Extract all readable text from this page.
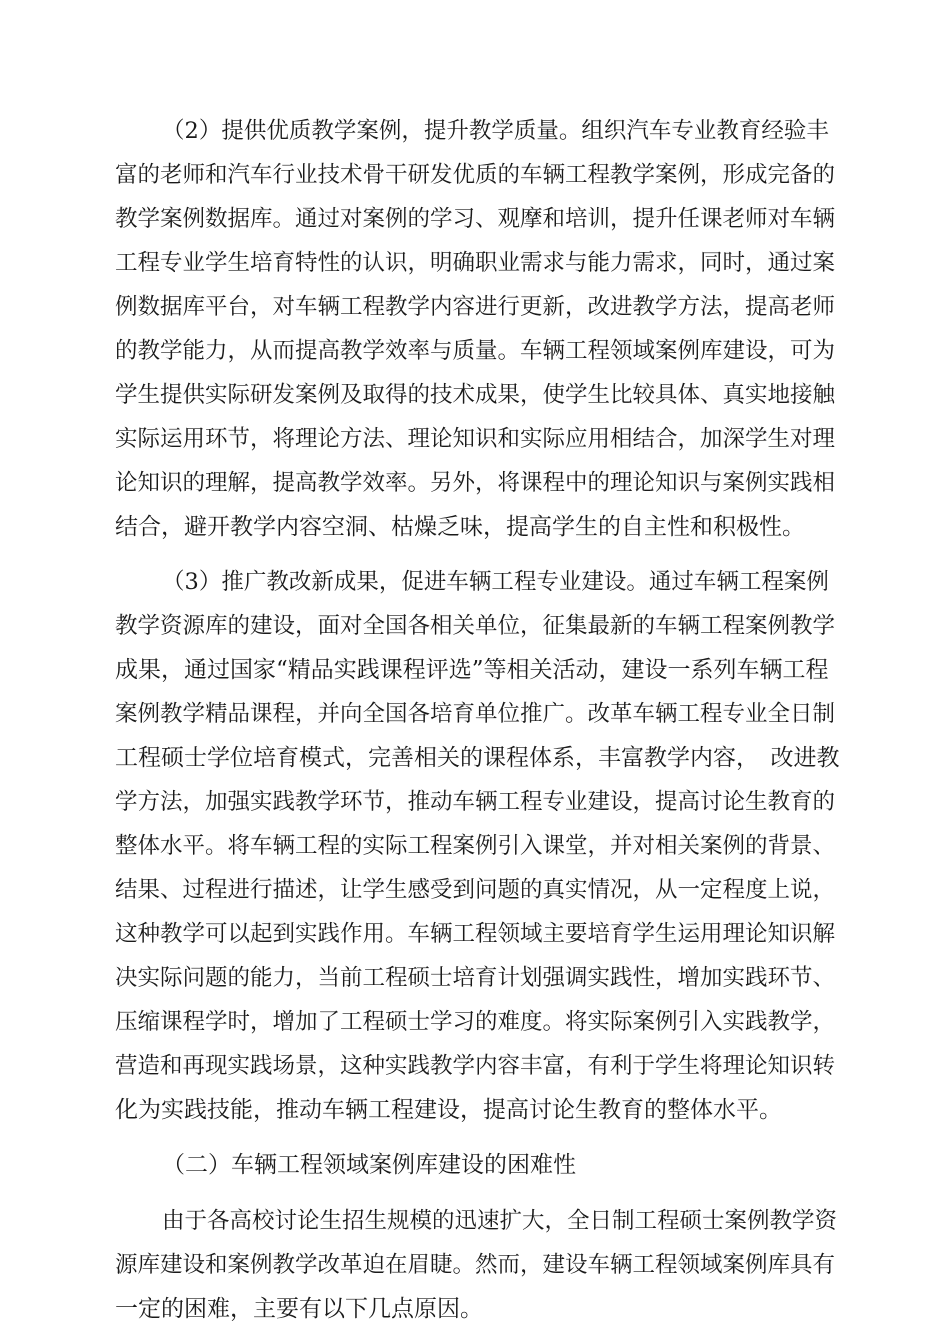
（2）提供优质教学案例，提升教学质量。组织汽车专业教育经验丰
富的老师和汽车行业技术骨干研发优质的车辆工程教学案例，形成完备的
教学案例数据库。通过对案例的学习、观摩和培训，提升任课老师对车辆
工程专业学生培育特性的认识，明确职业需求与能力需求，同时，通过案
例数据库平台，对车辆工程教学内容进行更新，改进教学方法，提高老师
的教学能力，从而提高教学效率与质量。车辆工程领域案例库建设，可为
学生提供实际研发案例及取得的技术成果，使学生比较具体、真实地接触
实际运用环节，将理论方法、理论知识和实际应用相结合，加深学生对理
论知识的理解，提高教学效率。另外，将课程中的理论知识与案例实践相
结合，避开教学内容空洞、枯燥乏味，提高学生的自主性和积极性。
（3）推广教改新成果，促进车辆工程专业建设。通过车辆工程案例
教学资源库的建设，面对全国各相关单位，征集最新的车辆工程案例教学
成果，通过国家“精品实践课程评选”等相关活动，建设一系列车辆工程
案例教学精品课程，并向全国各培育单位推广。改革车辆工程专业全日制
工程硕士学位培育模式，完善相关的课程体系，丰富教学内容，　改进教
学方法，加强实践教学环节，推动车辆工程专业建设，提高讨论生教育的
整体水平。将车辆工程的实际工程案例引入课堂，并对相关案例的背景、
结果、过程进行描述，让学生感受到问题的真实情况，从一定程度上说，
这种教学可以起到实践作用。车辆工程领域主要培育学生运用理论知识解
决实际问题的能力，当前工程硕士培育计划强调实践性，增加实践环节、
压缩课程学时，增加了工程硕士学习的难度。将实际案例引入实践教学，
营造和再现实践场景，这种实践教学内容丰富，有利于学生将理论知识转
化为实践技能，推动车辆工程建设，提高讨论生教育的整体水平。
（二）车辆工程领域案例库建设的困难性
由于各高校讨论生招生规模的迅速扩大，全日制工程硕士案例教学资
源库建设和案例教学改革迫在眉睫。然而，建设车辆工程领域案例库具有
一定的困难，主要有以下几点原因。
